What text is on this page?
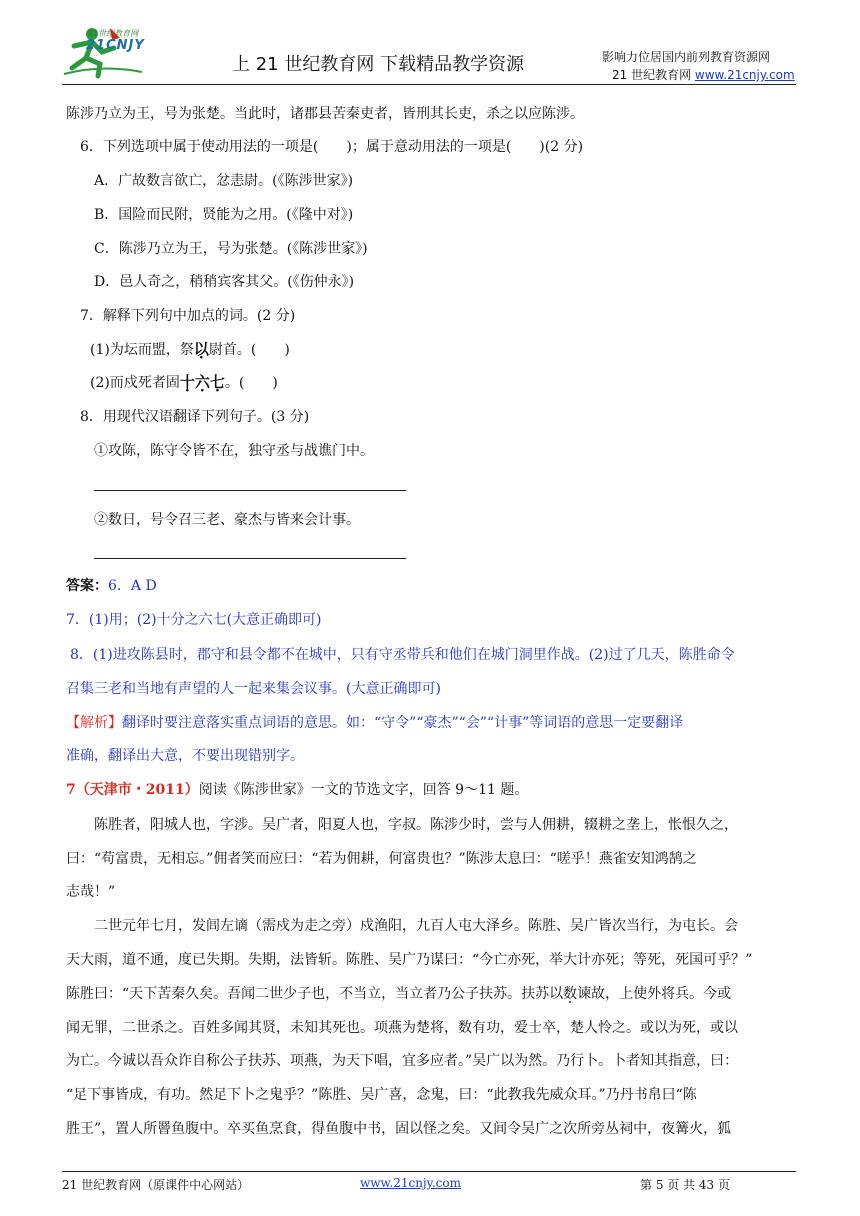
21世纪教育网
21CNJY
上 21 世纪教育网 下载精品教学资源	影响力位居国内前列教育资源网
21 世纪教育网 www.21cnjy.com
陈涉乃立为王，号为张楚。当此时，诸郡县苦秦吏者，皆刑其长吏，杀之以应陈涉。
6．下列选项中属于使动用法的一项是(　　)；属于意动用法的一项是(　　)(2 分)
A．广故数言欲亡，忿恚尉。(《陈涉世家》)
B．国险而民附，贤能为之用。(《隆中对》)
C．陈涉乃立为王，号为张楚。(《陈涉世家》)
D．邑人奇之，稍稍宾客其父。(《伤仲永》)
7．解释下列句中加点的词。(2 分)
(1)为坛而盟，祭以尉首。(　　)
(2)而戍死者固十六七。(　　)
8．用现代汉语翻译下列句子。(3 分)
①攻陈，陈守令皆不在，独守丞与战谯门中。
②数日，号令召三老、豪杰与皆来会计事。
答案：6．A D
7．(1)用；(2)十分之六七(大意正确即可)
8．(1)进攻陈县时，郡守和县令都不在城中，只有守丞带兵和他们在城门洞里作战。(2)过了几天，陈胜命令
召集三老和当地有声望的人一起来集会议事。(大意正确即可)
【解析】翻译时要注意落实重点词语的意思。如：“守令”“豪杰”“会”“计事”等词语的意思一定要翻译
准确，翻译出大意，不要出现错别字。
7（天津市・2011）阅读《陈涉世家》一文的节选文字，回答 9～11 题。
陈胜者，阳城人也，字涉。吴广者，阳夏人也，字叔。陈涉少时，尝与人佣耕，辍耕之垄上，怅恨久之，
曰：“苟富贵，无相忘。”佣者笑而应曰：“若为佣耕，何富贵也？”陈涉太息曰：“嗟乎！燕雀安知鸿鹄之
志哉！”
二世元年七月，发闾左谪（需戍为走之旁）戍渔阳，九百人屯大泽乡。陈胜、吴广皆次当行，为屯长。会
天大雨，道不通，度已失期。失期，法皆斩。陈胜、吴广乃谋曰：“今亡亦死，举大计亦死；等死，死国可乎？”
陈胜曰：“天下苦秦久矣。吾闻二世少子也，不当立，当立者乃公子扶苏。扶苏以数谏故，上使外将兵。今或
闻无罪，二世杀之。百姓多闻其贤，未知其死也。项燕为楚将，数有功，爱士卒，楚人怜之。或以为死，或以
为亡。今诚以吾众诈自称公子扶苏、项燕，为天下唱，宜多应者。”吴广以为然。乃行卜。卜者知其指意，曰：
“足下事皆成，有功。然足下卜之鬼乎？”陈胜、吴广喜，念鬼，曰：“此教我先威众耳。”乃丹书帛曰“陈
胜王”，置人所罾鱼腹中。卒买鱼烹食，得鱼腹中书，固以怪之矣。又间令吴广之次所旁丛祠中，夜篝火，狐
21 世纪教育网（原课件中心网站）	www.21cnjy.com	第 5 页 共 43 页
